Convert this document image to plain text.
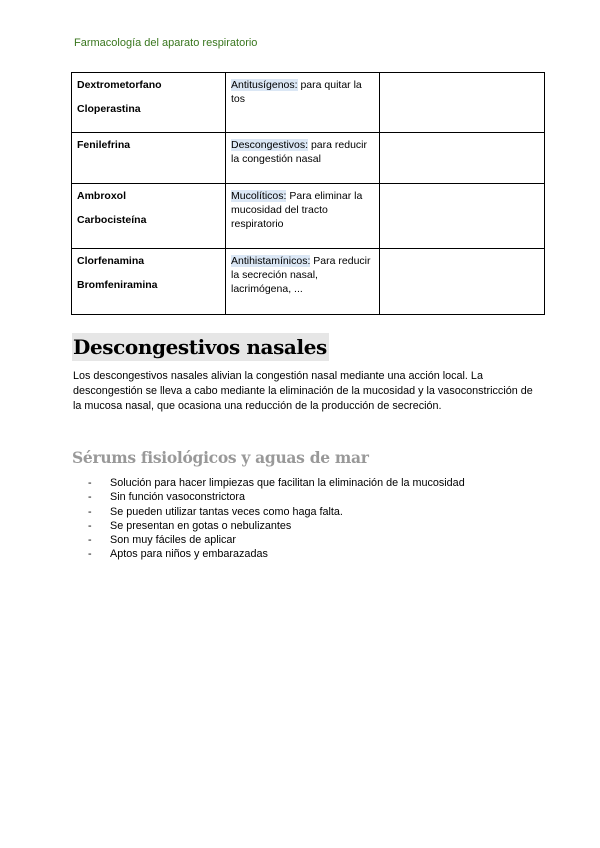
Farmacología del aparato respiratorio
Dextrometorfano
Cloperastina	Antitusígenos: para quitar la tos	

Fenilefrina	Descongestivos: para reducir la congestión nasal	

Ambroxol
Carbocisteína	Mucolíticos: Para eliminar la mucosidad del tracto respiratorio	

Clorfenamina
Bromfeniramina	Antihistamínicos: Para reducir la secreción nasal, lacrimógena, ...	
Descongestivos nasales
Los descongestivos nasales alivian la congestión nasal mediante una acción local. La descongestión se lleva a cabo mediante la eliminación de la mucosidad y la vasoconstricción de la mucosa nasal, que ocasiona una reducción de la producción de secreción.
Sérums fisiológicos y aguas de mar
- Solución para hacer limpiezas que facilitan la eliminación de la mucosidad
- Sin función vasoconstrictora
- Se pueden utilizar tantas veces como haga falta.
- Se presentan en gotas o nebulizantes
- Son muy fáciles de aplicar
- Aptos para niños y embarazadas
